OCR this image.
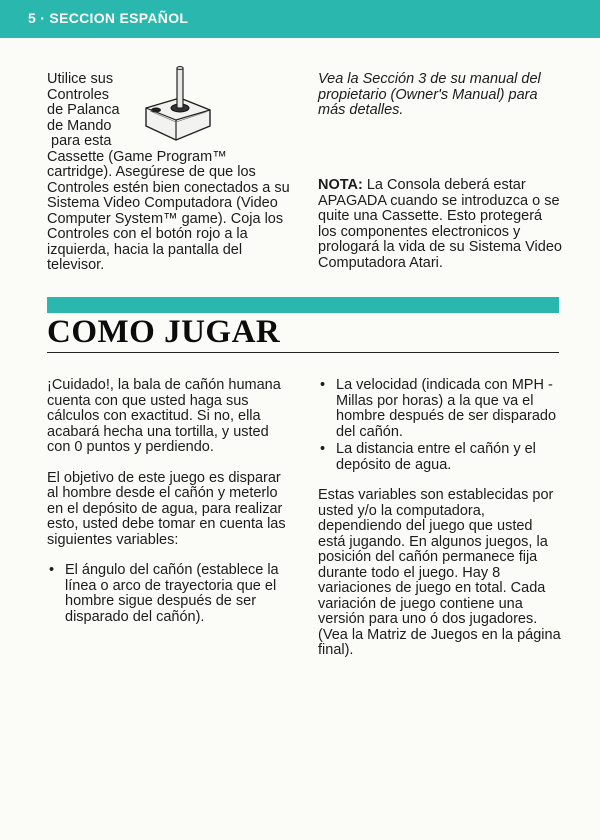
5 · SECCION ESPAÑOL
Utilice sus
Controles
de Palanca
de Mando
para esta
Cassette (Game Program™ cartridge). Asegúrese de que los Controles estén bien conectados a su Sistema Video Computadora (Video Computer System™ game). Coja los Controles con el botón rojo a la izquierda, hacia la pantalla del televisor.
Vea la Sección 3 de su manual del propietario (Owner's Manual) para más detalles.
NOTA: La Consola deberá estar APAGADA cuando se introduzca o se quite una Cassette. Esto protegerá los componentes electronicos y prologará la vida de su Sistema Video Computadora Atari.
COMO JUGAR

¡Cuidado!, la bala de cañón humana cuenta con que usted haga sus cálculos con exactitud. Si no, ella acabará hecha una tortilla, y usted con 0 puntos y perdiendo.

El objetivo de este juego es disparar al hombre desde el cañón y meterlo en el depósito de agua, para realizar esto, usted debe tomar en cuenta las siguientes variables:

• El ángulo del cañón (establece la línea o arco de trayectoria que el hombre sigue después de ser disparado del cañón).
• La velocidad (indicada con MPH - Millas por horas) a la que va el hombre después de ser disparado del cañón.
• La distancia entre el cañón y el depósito de agua.

Estas variables son establecidas por usted y/o la computadora, dependiendo del juego que usted está jugando. En algunos juegos, la posición del cañón permanece fija durante todo el juego. Hay 8 variaciones de juego en total. Cada variación de juego contiene una versión para uno ó dos jugadores. (Vea la Matriz de Juegos en la página final).
